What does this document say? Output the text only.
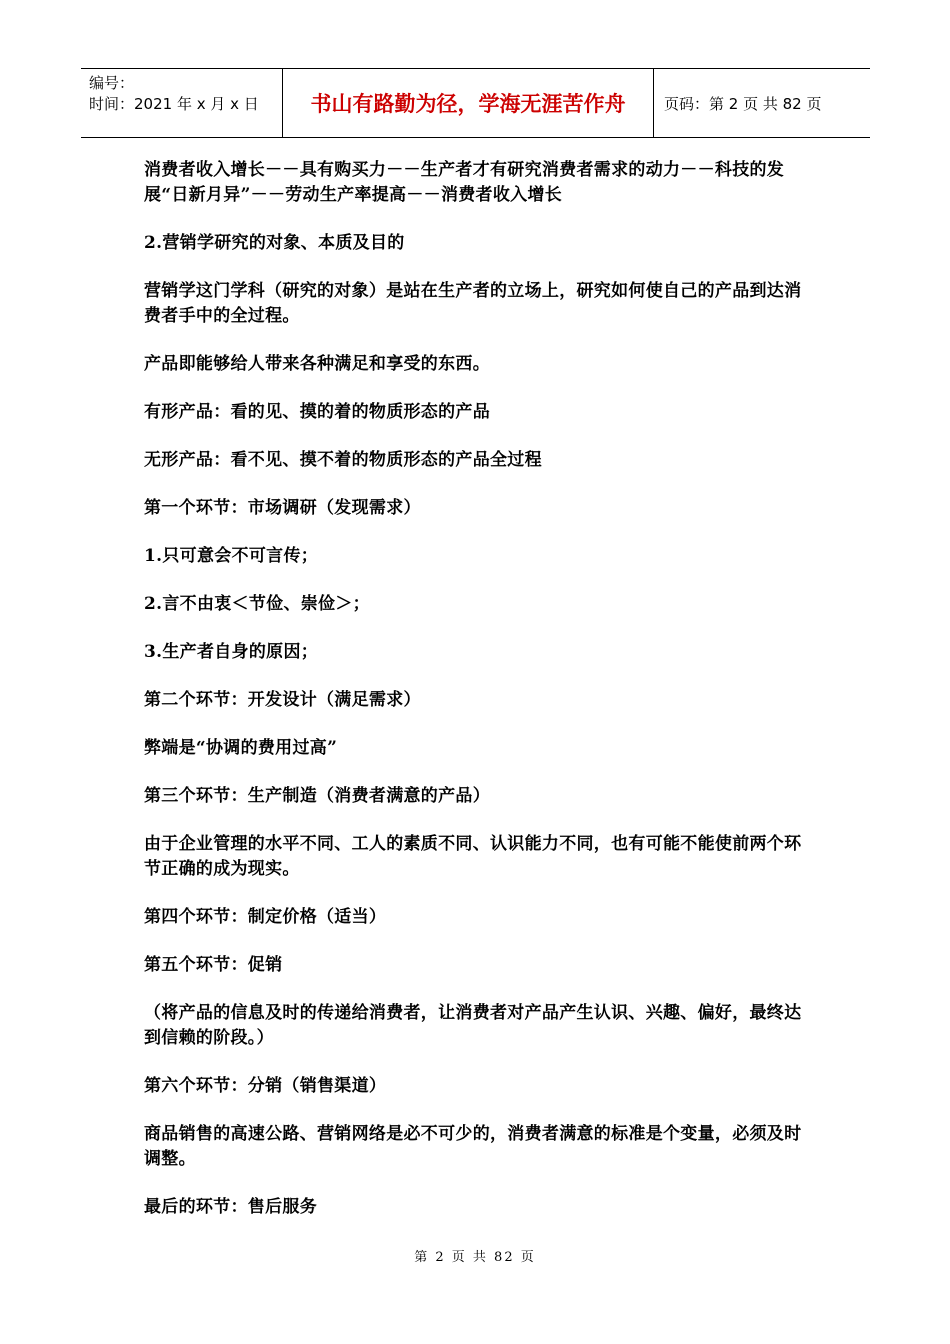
编号：
时间：2021 年 x 月 x 日	书山有路勤为径，学海无涯苦作舟	页码：第 2 页 共 82 页

消费者收入增长－－具有购买力－－生产者才有研究消费者需求的动力－－科技的发展“日新月异”－－劳动生产率提高－－消费者收入增长

2.营销学研究的对象、本质及目的

营销学这门学科（研究的对象）是站在生产者的立场上，研究如何使自己的产品到达消费者手中的全过程。

产品即能够给人带来各种满足和享受的东西。

有形产品：看的见、摸的着的物质形态的产品

无形产品：看不见、摸不着的物质形态的产品全过程

第一个环节：市场调研（发现需求）

1.只可意会不可言传；

2.言不由衷＜节俭、崇俭＞；

3.生产者自身的原因；

第二个环节：开发设计（满足需求）

弊端是“协调的费用过高”

第三个环节：生产制造（消费者满意的产品）

由于企业管理的水平不同、工人的素质不同、认识能力不同，也有可能不能使前两个环节正确的成为现实。

第四个环节：制定价格（适当）

第五个环节：促销

（将产品的信息及时的传递给消费者，让消费者对产品产生认识、兴趣、偏好，最终达到信赖的阶段。）

第六个环节：分销（销售渠道）

商品销售的高速公路、营销网络是必不可少的，消费者满意的标准是个变量，必须及时调整。

最后的环节：售后服务

第 2 页 共 82 页
